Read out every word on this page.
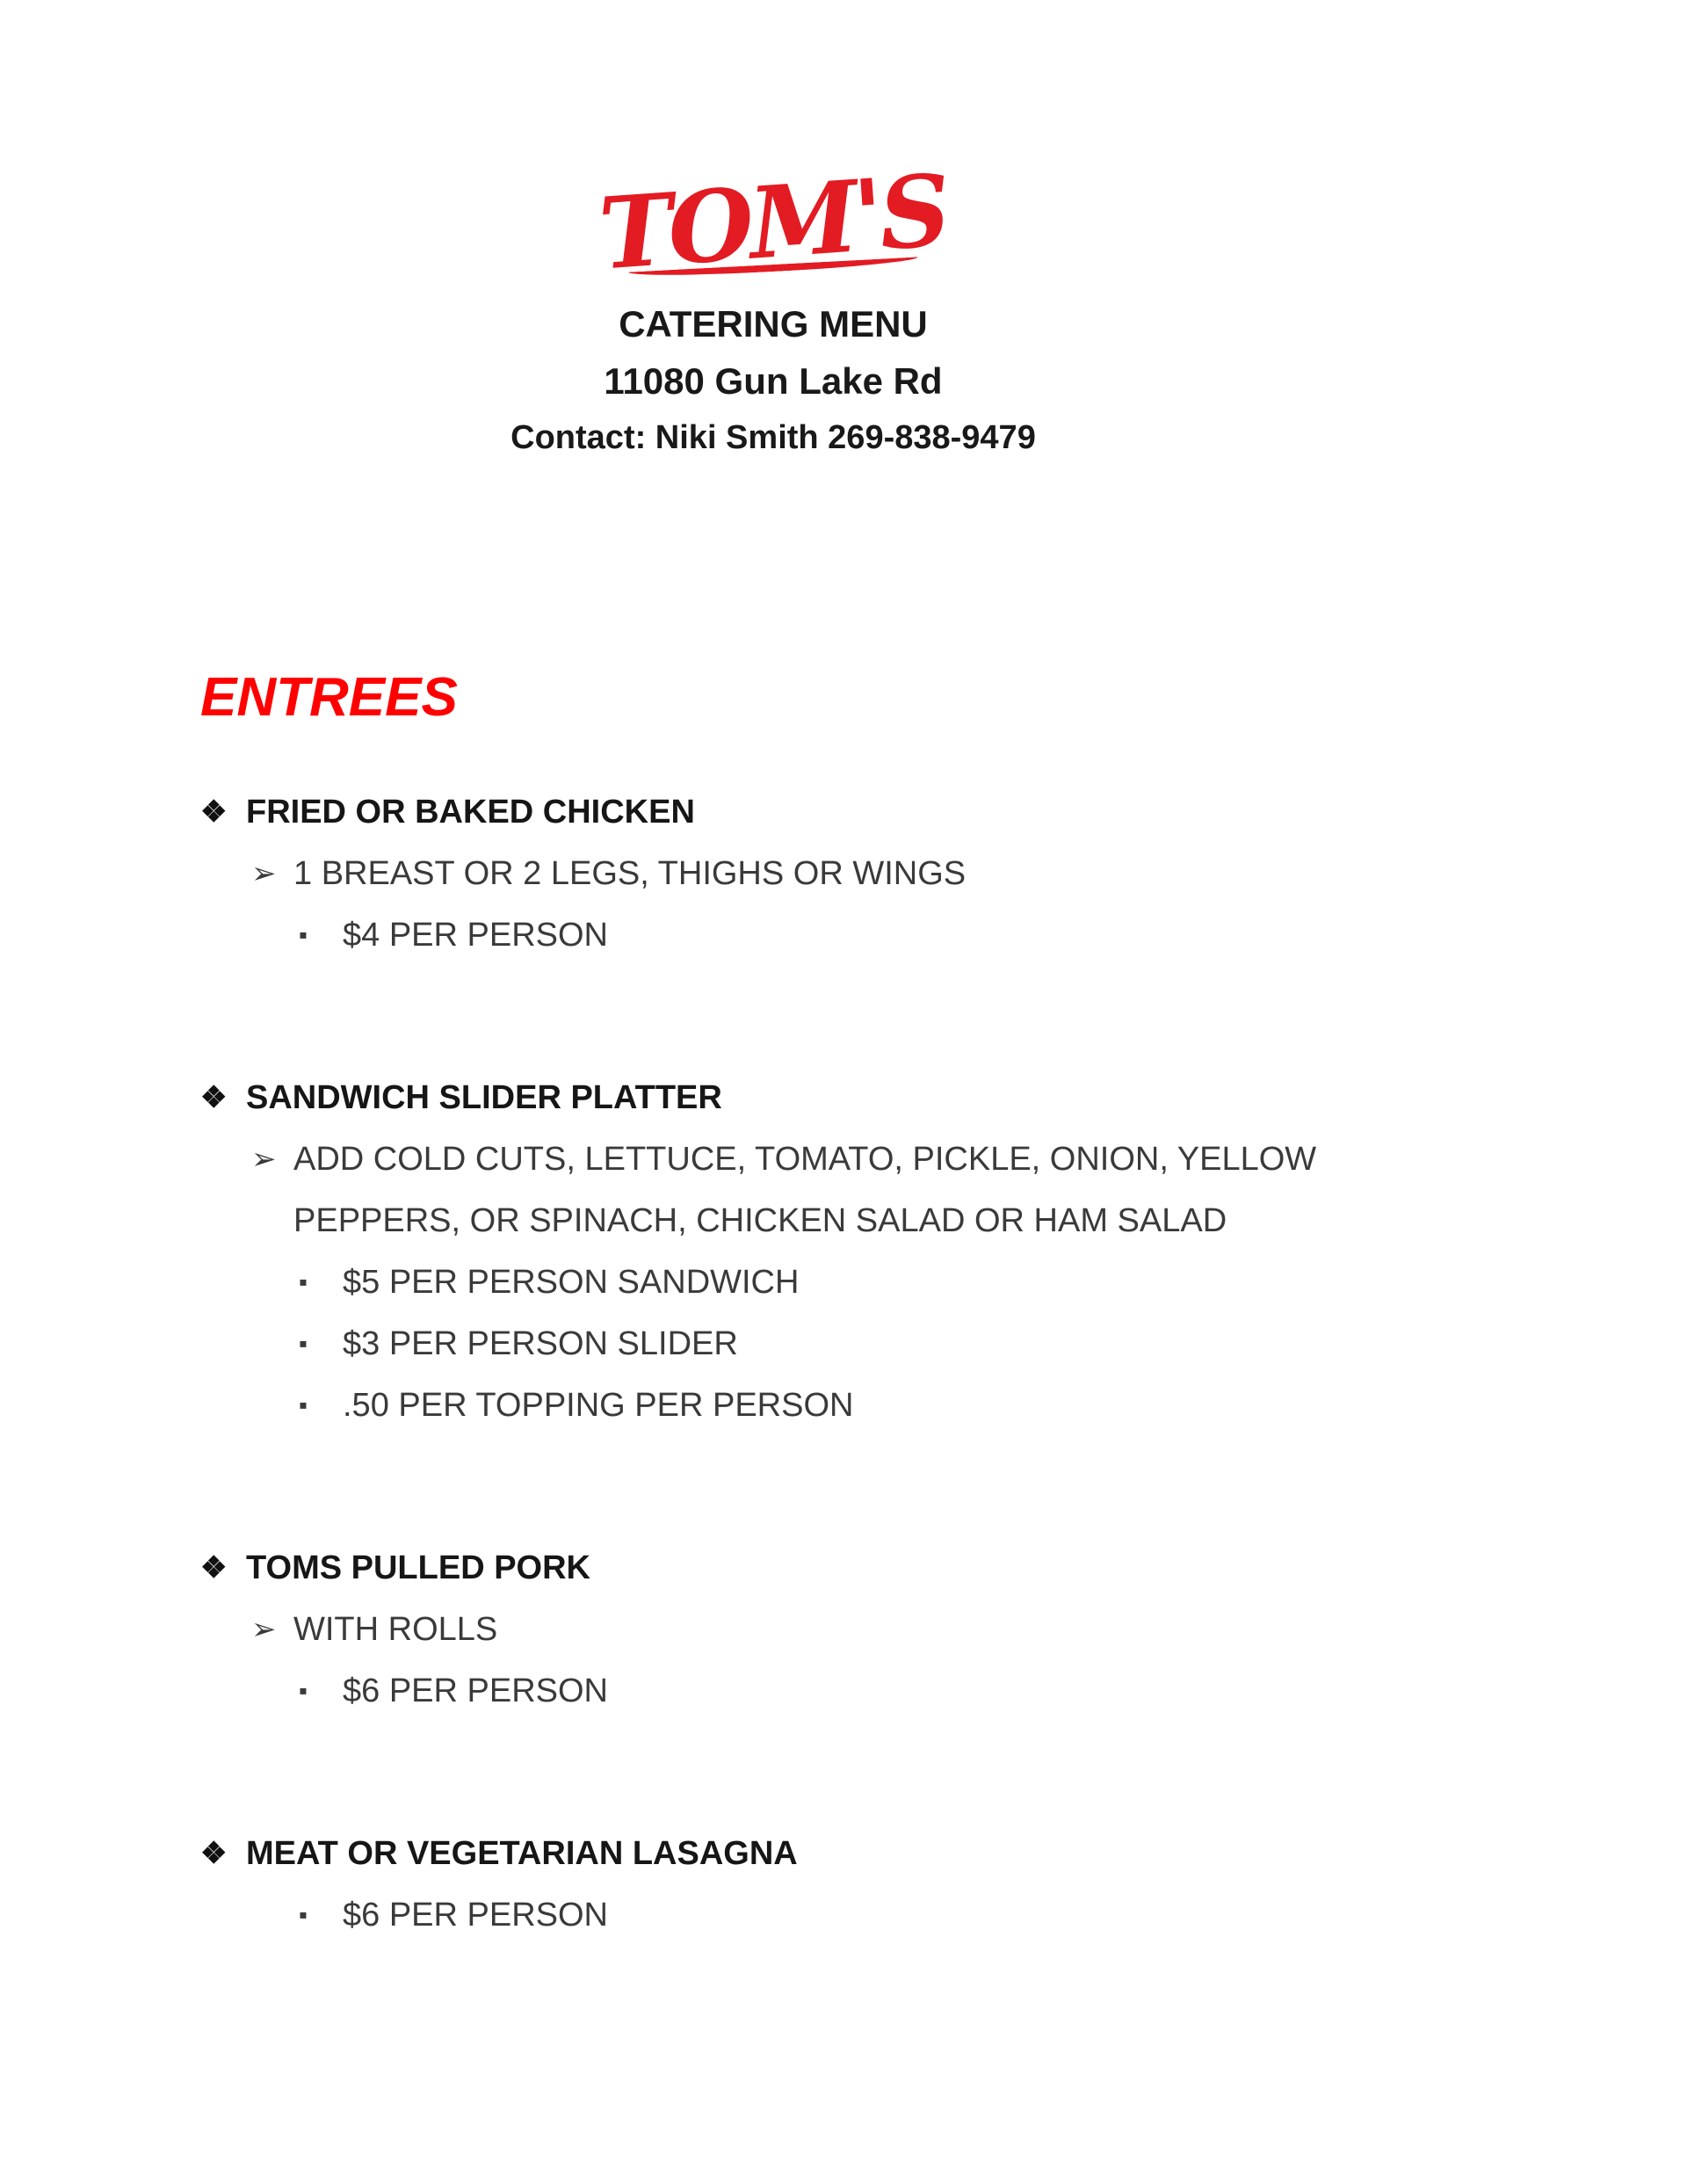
TOM'S
CATERING MENU
11080 Gun Lake Rd
Contact: Niki Smith 269-838-9479
ENTREES
❖ FRIED OR BAKED CHICKEN
➢ 1 BREAST OR 2 LEGS, THIGHS OR WINGS
▪	$4 PER PERSON
❖ SANDWICH SLIDER PLATTER
➢ ADD COLD CUTS, LETTUCE, TOMATO, PICKLE, ONION, YELLOW PEPPERS, OR SPINACH, CHICKEN SALAD OR HAM SALAD
▪	$5 PER PERSON SANDWICH
▪	$3 PER PERSON SLIDER
▪	.50 PER TOPPING PER PERSON
❖ TOMS PULLED PORK
➢ WITH ROLLS
▪	$6 PER PERSON
❖ MEAT OR VEGETARIAN LASAGNA
▪	$6 PER PERSON
